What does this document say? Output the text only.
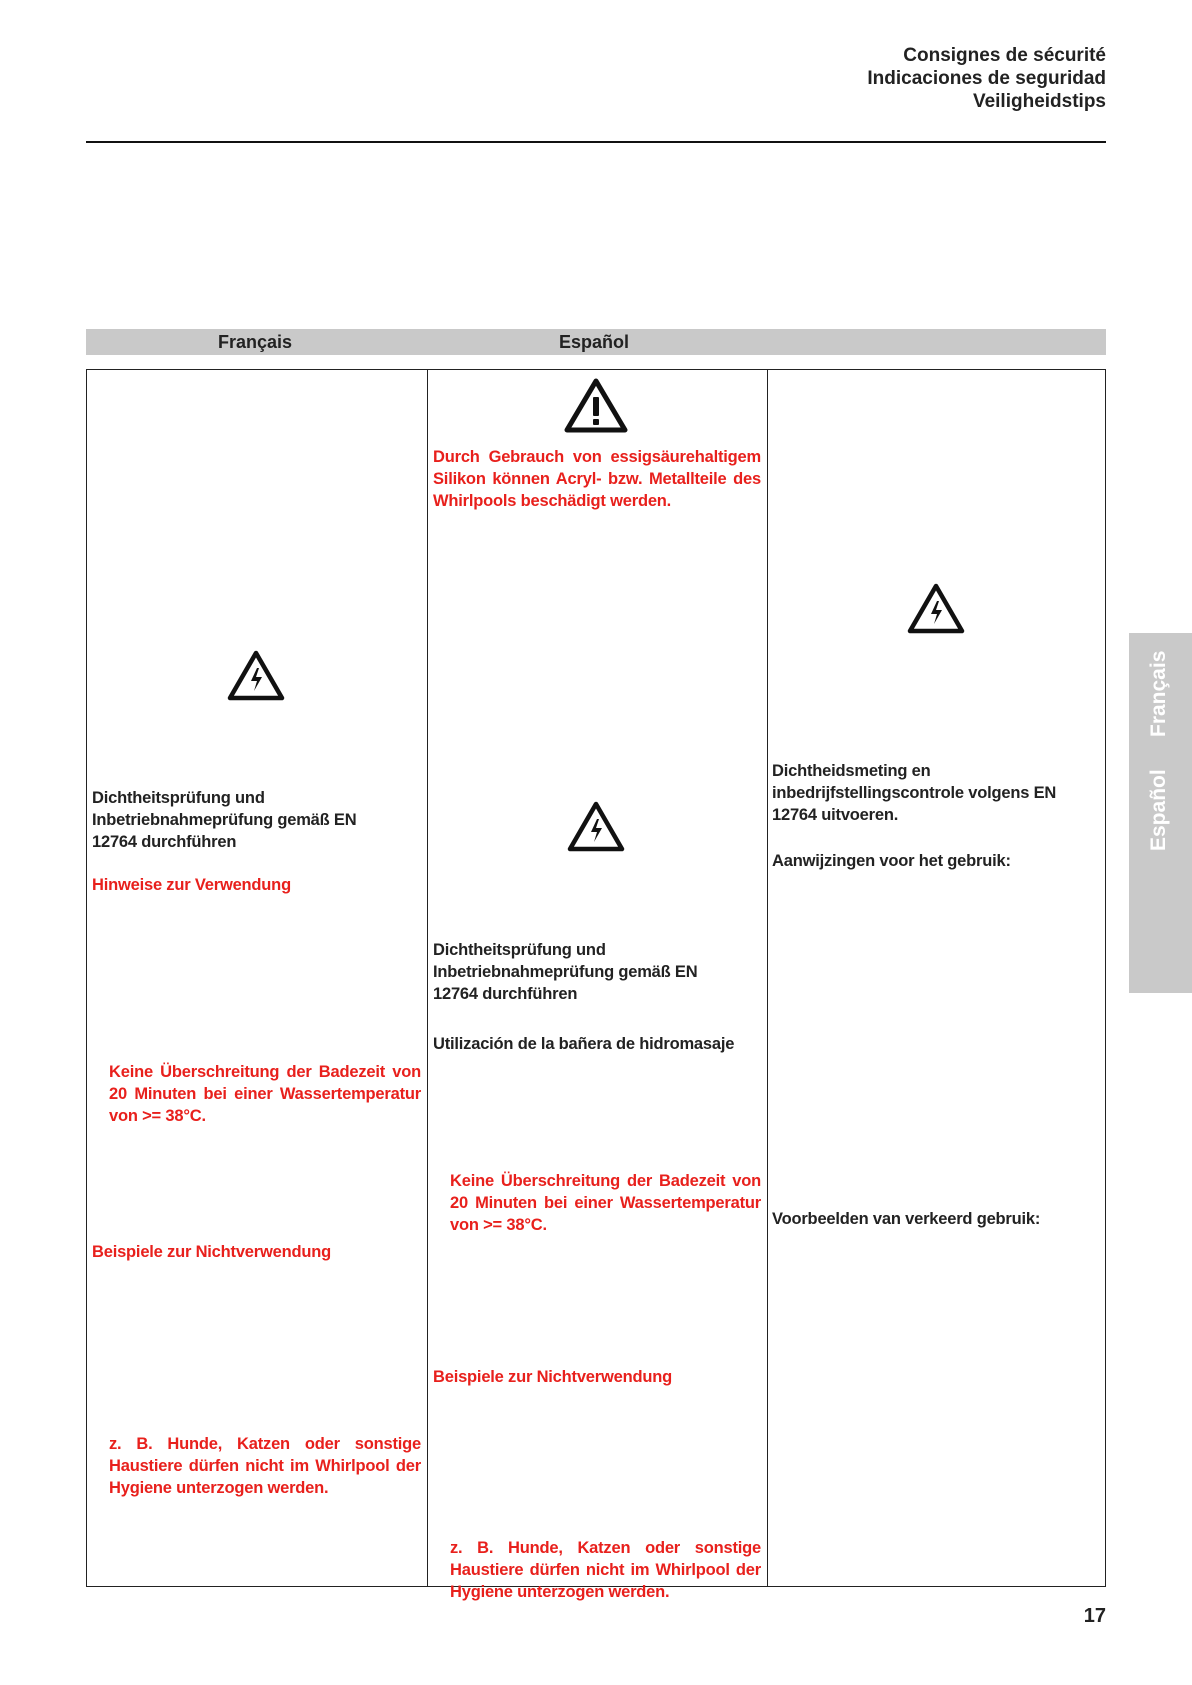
Consignes de sécurité
Indicaciones de seguridad
Veiligheidstips
Français	Español
Dichtheitsprüfung und Inbetriebnahmeprüfung gemäß EN 12764 durchführen
Hinweise zur Verwendung
Keine Überschreitung der Badezeit von 20 Minuten bei einer Wassertemperatur von >= 38°C.
Beispiele zur Nichtverwendung
z. B. Hunde, Katzen oder sonstige Haustiere dürfen nicht im Whirlpool der Hygiene unterzogen werden.
Durch Gebrauch von essigsäurehaltigem Silikon können Acryl- bzw. Metallteile des Whirlpools beschädigt werden.
Dichtheitsprüfung und Inbetriebnahmeprüfung gemäß EN 12764 durchführen
Utilización de la bañera de hidromasaje
Keine Überschreitung der Badezeit von 20 Minuten bei einer Wassertemperatur von >= 38°C.
Beispiele zur Nichtverwendung
z. B. Hunde, Katzen oder sonstige Haustiere dürfen nicht im Whirlpool der Hygiene unterzogen werden.
Dichtheidsmeting en inbedrijfstellingscontrole volgens EN 12764 uitvoeren.
Aanwijzingen voor het gebruik:
Voorbeelden van verkeerd gebruik:
Español
Français
17
